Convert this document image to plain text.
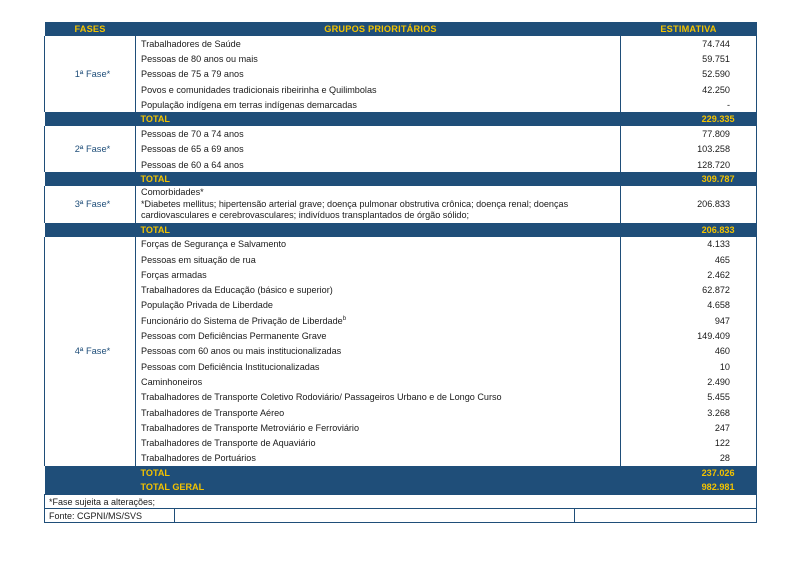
FASES	GRUPOS PRIORITÁRIOS	ESTIMATIVA
1ª Fase*	Trabalhadores de Saúde	74.744
	Pessoas de 80 anos ou mais	59.751
	Pessoas de 75 a 79 anos	52.590
	Povos e comunidades tradicionais ribeirinha e Quilimbolas	42.250
	População indígena em terras indígenas demarcadas	-
	TOTAL	229.335
2ª Fase*	Pessoas de 70 a 74 anos	77.809
	Pessoas de 65 a 69 anos	103.258
	Pessoas de 60 a 64 anos	128.720
	TOTAL	309.787
3ª Fase*	Comorbidades*
*Diabetes mellitus; hipertensão arterial grave; doença pulmonar obstrutiva crônica; doença renal; doenças cardiovasculares e cerebrovasculares; indivíduos transplantados de órgão sólido;	206.833
	TOTAL	206.833
4ª Fase*	Forças de Segurança e Salvamento	4.133
	Pessoas em situação de rua	465
	Forças armadas	2.462
	Trabalhadores da Educação (básico e superior)	62.872
	População Privada de Liberdade	4.658
	Funcionário do Sistema de Privação de Liberdade$^b$	947
	Pessoas com Deficiências Permanente Grave	149.409
	Pessoas com 60 anos ou mais institucionalizadas	460
	Pessoas com Deficiência Institucionalizadas	10
	Caminhoneiros	2.490
	Trabalhadores de Transporte Coletivo Rodoviário/ Passageiros Urbano e de Longo Curso	5.455
	Trabalhadores de Transporte Aéreo	3.268
	Trabalhadores de Transporte Metroviário e Ferroviário	247
	Trabalhadores de Transporte de Aquaviário	122
	Trabalhadores de Portuários	28
	TOTAL	237.026
	TOTAL GERAL	982.981
*Fase sujeita a alterações;
Fonte: CGPNI/MS/SVS		
